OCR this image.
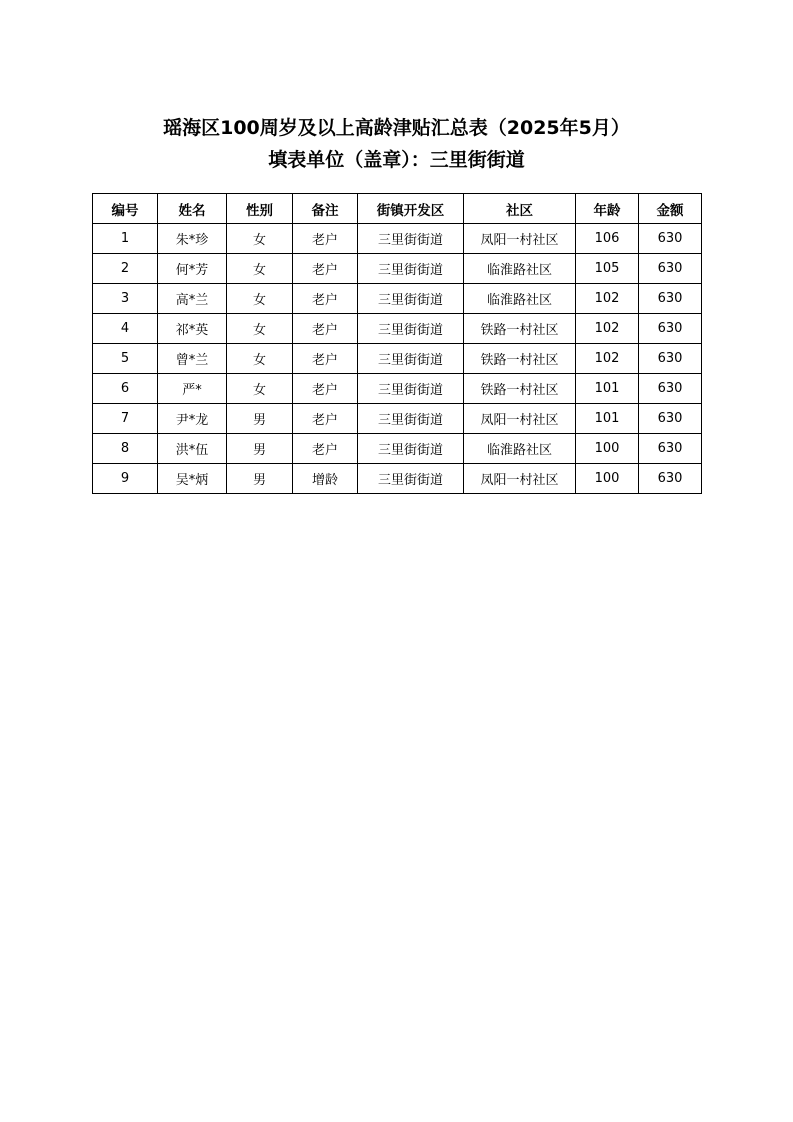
瑶海区100周岁及以上高龄津贴汇总表（2025年5月）
填表单位（盖章）：三里街街道
编号	姓名	性别	备注	街镇开发区	社区	年龄	金额
1	朱*珍	女	老户	三里街街道	凤阳一村社区	106	630
2	何*芳	女	老户	三里街街道	临淮路社区	105	630
3	高*兰	女	老户	三里街街道	临淮路社区	102	630
4	祁*英	女	老户	三里街街道	铁路一村社区	102	630
5	曾*兰	女	老户	三里街街道	铁路一村社区	102	630
6	严*	女	老户	三里街街道	铁路一村社区	101	630
7	尹*龙	男	老户	三里街街道	凤阳一村社区	101	630
8	洪*伍	男	老户	三里街街道	临淮路社区	100	630
9	吴*炳	男	增龄	三里街街道	凤阳一村社区	100	630
